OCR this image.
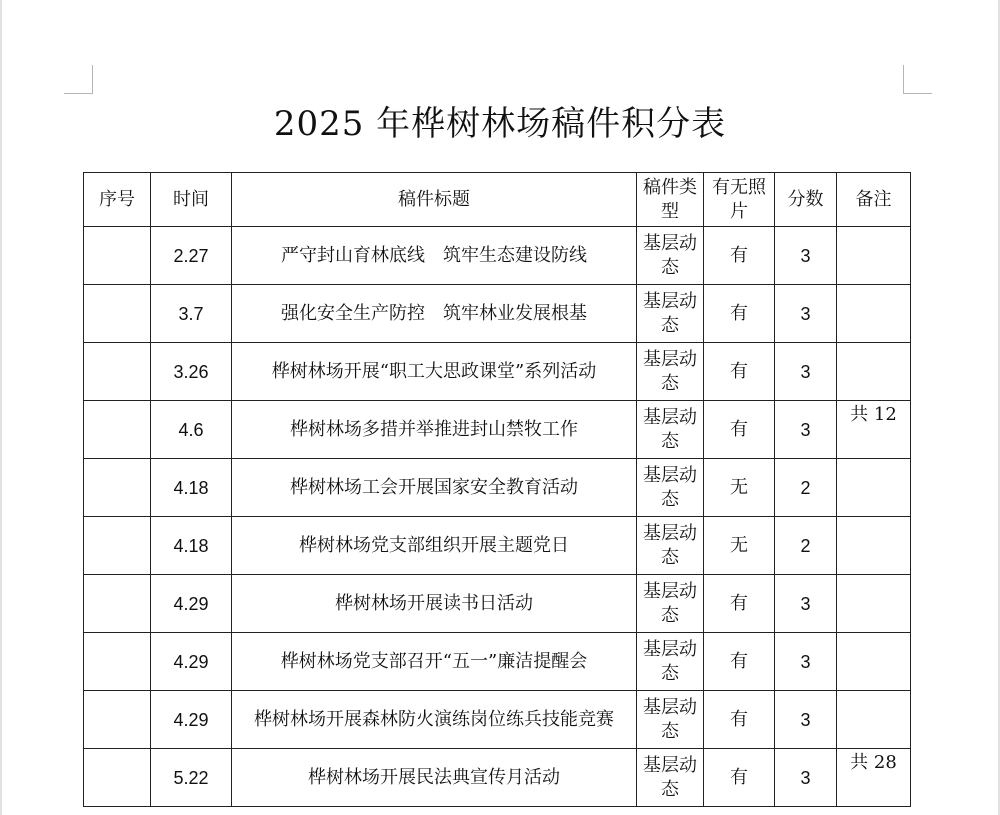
2025 年桦树林场稿件积分表
序号	时间	稿件标题	稿件类型	有无照片	分数	备注
	2.27	严守封山育林底线　筑牢生态建设防线	基层动态	有	3	
	3.7	强化安全生产防控　筑牢林业发展根基	基层动态	有	3	
	3.26	桦树林场开展“职工大思政课堂”系列活动	基层动态	有	3	
	4.6	桦树林场多措并举推进封山禁牧工作	基层动态	有	3	共 12
	4.18	桦树林场工会开展国家安全教育活动	基层动态	无	2	
	4.18	桦树林场党支部组织开展主题党日	基层动态	无	2	
	4.29	桦树林场开展读书日活动	基层动态	有	3	
	4.29	桦树林场党支部召开“五一”廉洁提醒会	基层动态	有	3	
	4.29	桦树林场开展森林防火演练岗位练兵技能竞赛	基层动态	有	3	
	5.22	桦树林场开展民法典宣传月活动	基层动态	有	3	共 28
